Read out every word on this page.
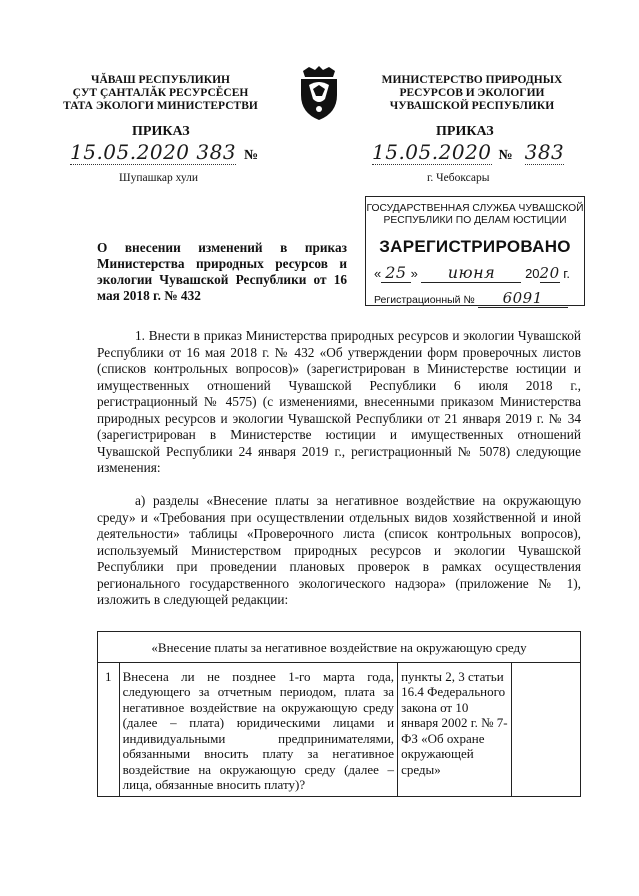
ЧĂВАШ РЕСПУБЛИКИН
ÇУТ ÇАНТАЛĂК РЕСУРСĔСЕН
ТАТА ЭКОЛОГИ МИНИСТЕРСТВИ
МИНИСТЕРСТВО ПРИРОДНЫХ
РЕСУРСОВ И ЭКОЛОГИИ
ЧУВАШСКОЙ РЕСПУБЛИКИ
ПРИКАЗ	ПРИКАЗ
15.05.2020 383 №	15.05.2020 № 383
Шупашкар хули	г. Чебоксары
ГОСУДАРСТВЕННАЯ СЛУЖБА ЧУВАШСКОЙ
РЕСПУБЛИКИ ПО ДЕЛАМ ЮСТИЦИИ
ЗАРЕГИСТРИРОВАНО
« 25 » июня 2020 г.
Регистрационный № 6091
О внесении изменений в приказ Министерства природных ресурсов и экологии Чувашской Республики от 16 мая 2018 г. № 432
1. Внести в приказ Министерства природных ресурсов и экологии Чувашской Республики от 16 мая 2018 г. № 432 «Об утверждении форм проверочных листов (списков контрольных вопросов)» (зарегистрирован в Министерстве юстиции и имущественных отношений Чувашской Республики 6 июля 2018 г., регистрационный № 4575) (с изменениями, внесенными приказом Министерства природных ресурсов и экологии Чувашской Республики от 21 января 2019 г. № 34 (зарегистрирован в Министерстве юстиции и имущественных отношений Чувашской Республики 24 января 2019 г., регистрационный № 5078) следующие изменения:
а) разделы «Внесение платы за негативное воздействие на окружающую среду» и «Требования при осуществлении отдельных видов хозяйственной и иной деятельности» таблицы «Проверочного листа (список контрольных вопросов), используемый Министерством природных ресурсов и экологии Чувашской Республики при проведении плановых проверок в рамках осуществления регионального государственного экологического надзора» (приложение № 1), изложить в следующей редакции:
«Внесение платы за негативное воздействие на окружающую среду
1	Внесена ли не позднее 1-го марта года, следующего за отчетным периодом, плата за негативное воздействие на окружающую среду (далее – плата) юридическими лицами и индивидуальными предпринимателями, обязанными вносить плату за негативное воздействие на окружающую среду (далее – лица, обязанные вносить плату)?	пункты 2, 3 статьи 16.4 Федерального закона от 10 января 2002 г. № 7-ФЗ «Об охране окружающей среды»	
